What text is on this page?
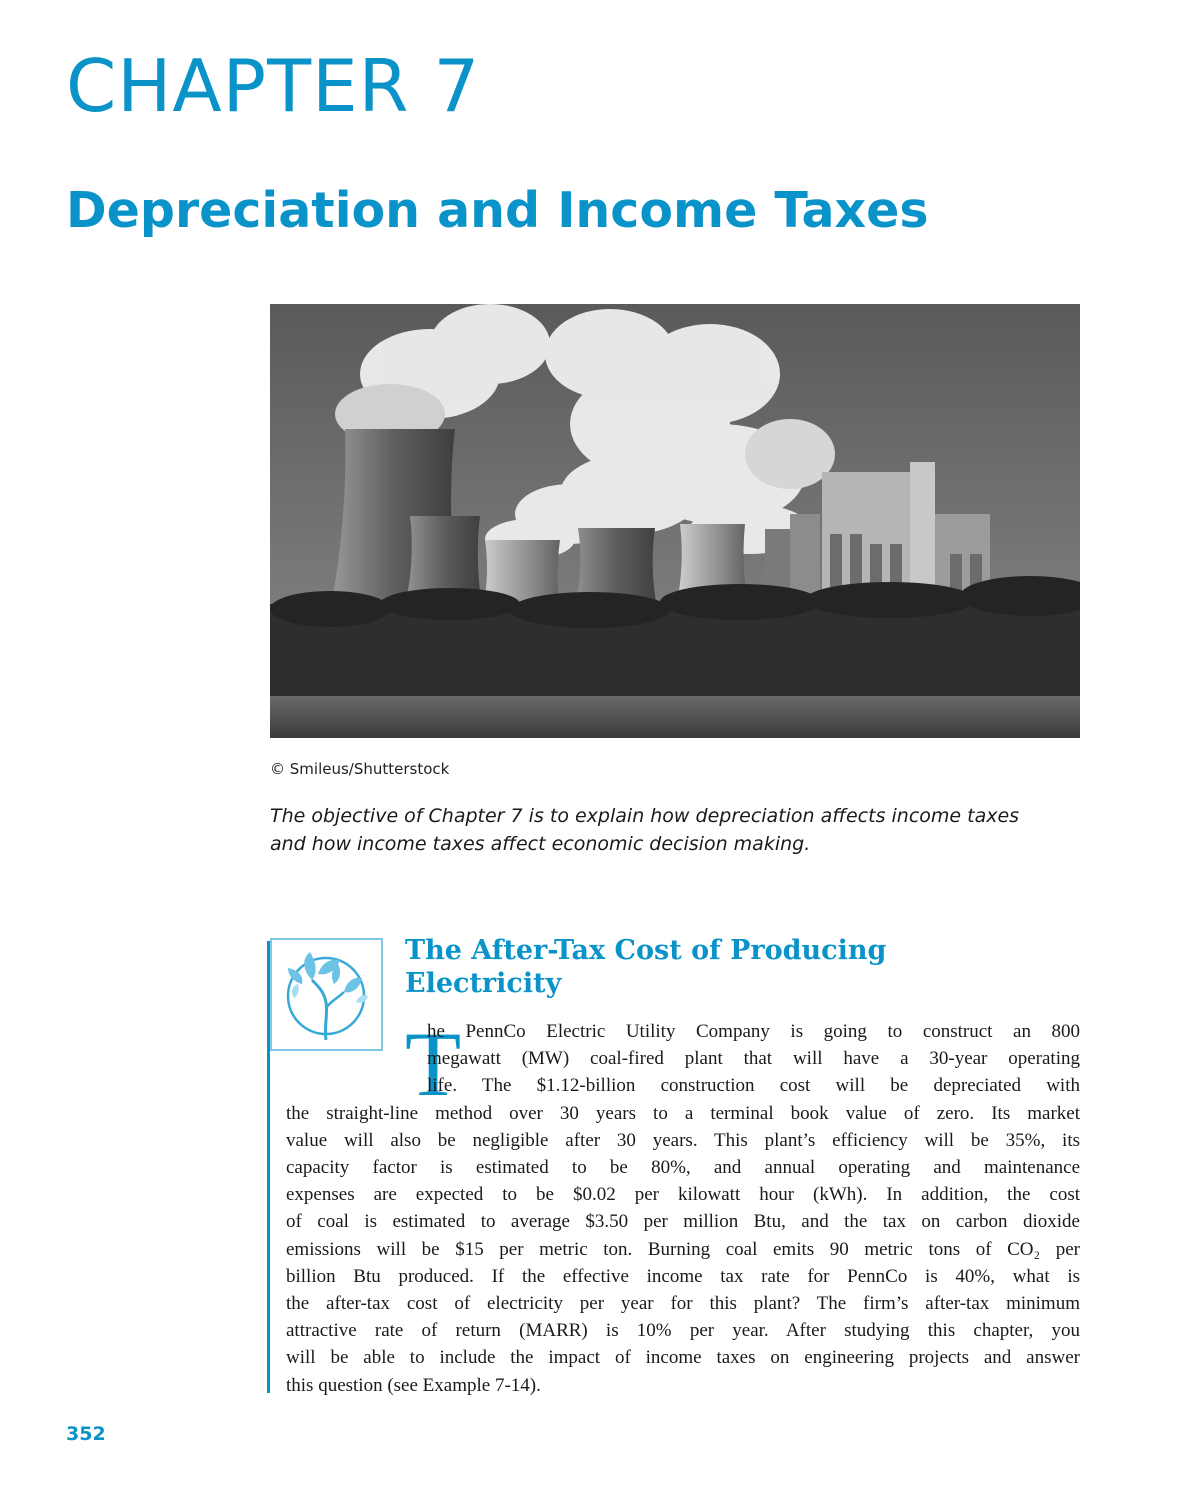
CHAPTER 7
Depreciation and Income Taxes
© Smileus/Shutterstock

The objective of Chapter 7 is to explain how depreciation affects income taxes and how income taxes affect economic decision making.

The After-Tax Cost of Producing
Electricity
T
he PennCo Electric Utility Company is going to construct an 800
megawatt (MW) coal-fired plant that will have a 30-year operating
life. The $1.12-billion construction cost will be depreciated with
the straight-line method over 30 years to a terminal book value of zero. Its market
value will also be negligible after 30 years. This plant’s efficiency will be 35%, its
capacity factor is estimated to be 80%, and annual operating and maintenance
expenses are expected to be $0.02 per kilowatt hour (kWh). In addition, the cost
of coal is estimated to average $3.50 per million Btu, and the tax on carbon dioxide
emissions will be $15 per metric ton. Burning coal emits 90 metric tons of CO₂ per
billion Btu produced. If the effective income tax rate for PennCo is 40%, what is
the after-tax cost of electricity per year for this plant? The firm’s after-tax minimum
attractive rate of return (MARR) is 10% per year. After studying this chapter, you
will be able to include the impact of income taxes on engineering projects and answer
this question (see Example 7-14).
352
